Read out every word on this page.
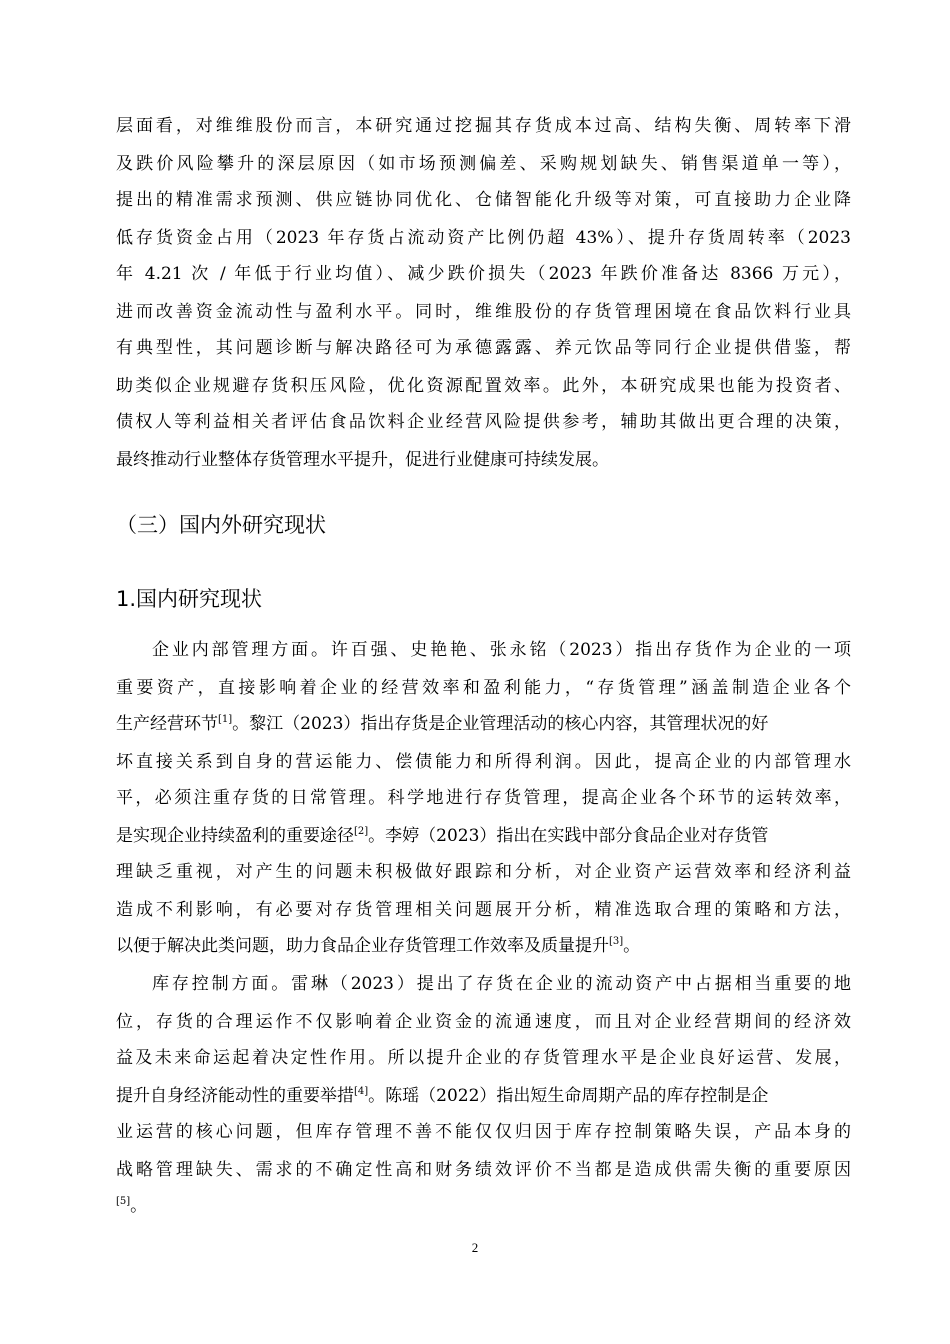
层面看，对维维股份而言，本研究通过挖掘其存货成本过高、结构失衡、周转率下滑

及跌价风险攀升的深层原因（如市场预测偏差、采购规划缺失、销售渠道单一等），

提出的精准需求预测、供应链协同优化、仓储智能化升级等对策，可直接助力企业降

低存货资金占用（2023 年存货占流动资产比例仍超 43%）、提升存货周转率（2023

年 4.21 次 / 年低于行业均值）、减少跌价损失（2023 年跌价准备达 8366 万元），

进而改善资金流动性与盈利水平。同时，维维股份的存货管理困境在食品饮料行业具

有典型性，其问题诊断与解决路径可为承德露露、养元饮品等同行企业提供借鉴，帮

助类似企业规避存货积压风险，优化资源配置效率。此外，本研究成果也能为投资者、

债权人等利益相关者评估食品饮料企业经营风险提供参考，辅助其做出更合理的决策，

最终推动行业整体存货管理水平提升，促进行业健康可持续发展。

（三）国内外研究现状
1.国内研究现状

企业内部管理方面。许百强、史艳艳、张永铭（2023）指出存货作为企业的一项

重要资产，直接影响着企业的经营效率和盈利能力，“存货管理”涵盖制造企业各个

生产经营环节[1]。黎江（2023）指出存货是企业管理活动的核心内容，其管理状况的好

坏直接关系到自身的营运能力、偿债能力和所得利润。因此，提高企业的内部管理水

平，必须注重存货的日常管理。科学地进行存货管理，提高企业各个环节的运转效率，

是实现企业持续盈利的重要途径[2]。李婷（2023）指出在实践中部分食品企业对存货管

理缺乏重视，对产生的问题未积极做好跟踪和分析，对企业资产运营效率和经济利益

造成不利影响，有必要对存货管理相关问题展开分析，精准选取合理的策略和方法，

以便于解决此类问题，助力食品企业存货管理工作效率及质量提升[3]。

库存控制方面。雷琳（2023）提出了存货在企业的流动资产中占据相当重要的地

位，存货的合理运作不仅影响着企业资金的流通速度，而且对企业经营期间的经济效

益及未来命运起着决定性作用。所以提升企业的存货管理水平是企业良好运营、发展，

提升自身经济能动性的重要举措[4]。陈瑶（2022）指出短生命周期产品的库存控制是企

业运营的核心问题，但库存管理不善不能仅仅归因于库存控制策略失误，产品本身的

战略管理缺失、需求的不确定性高和财务绩效评价不当都是造成供需失衡的重要原因

[5]。

2
